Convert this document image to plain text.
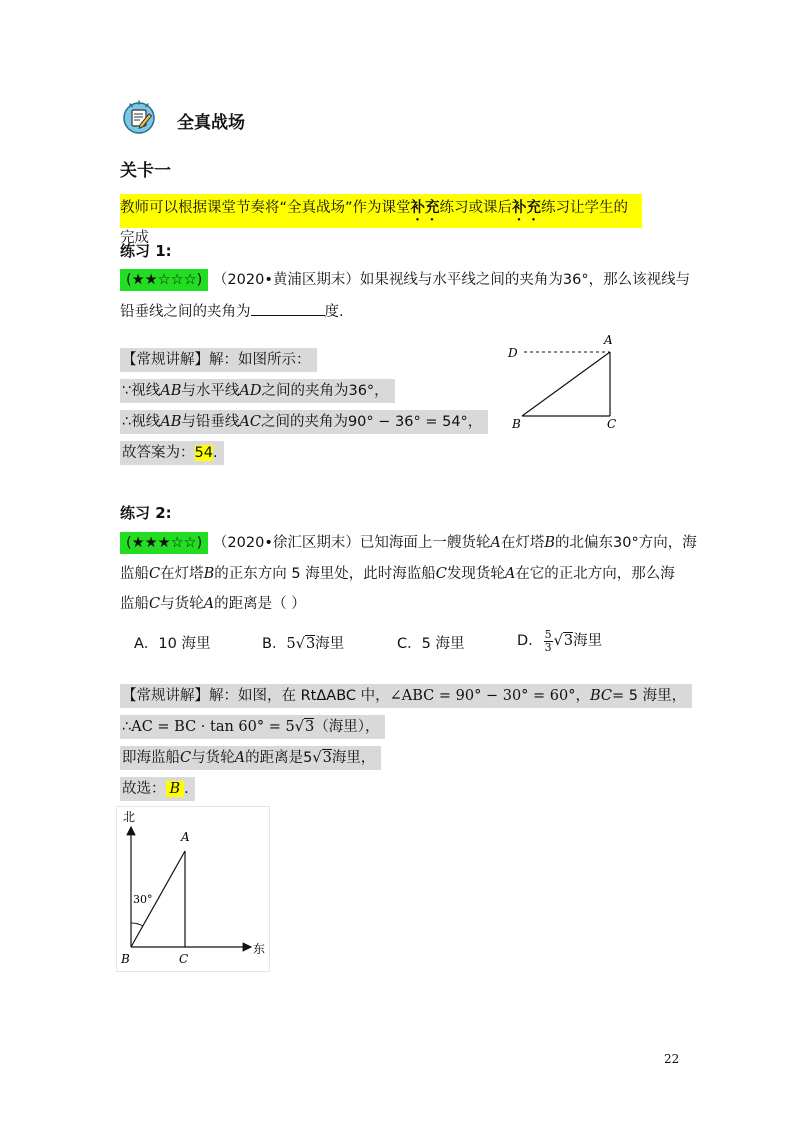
全真战场
关卡一
教师可以根据课堂节奏将“全真战场”作为课堂补充练习或课后补充练习让学生的完成
练习 1:
(★★☆☆☆) （2020•黄浦区期末）如果视线与水平线之间的夹角为36°，那么该视线与
铅垂线之间的夹角为	度.
【常规讲解】解：如图所示：
∵视线AB与水平线AD之间的夹角为36°，
∴视线AB与铅垂线AC之间的夹角为90° − 36° = 54°，
故答案为：54.
D
A
B	C
练习 2:
(★★★☆☆) （2020•徐汇区期末）已知海面上一艘货轮A在灯塔B的北偏东30°方向，海
监船C在灯塔B的正东方向 5 海里处，此时海监船C发现货轮A在它的正北方向，那么海
监船C与货轮A的距离是（ ）
A．10 海里	B．5√3海里	C．5 海里	D． $\frac{5}{3} √3$海里
【常规讲解】解：如图，在 RtΔABC 中，∠ABC = 90° − 30° = 60°，BC= 5 海里，
∴AC = BC · tan 60° = 5√3（海里），
即海监船C与货轮A的距离是5√3海里，
故选： B .
北
东
30°
A
B	C
22
